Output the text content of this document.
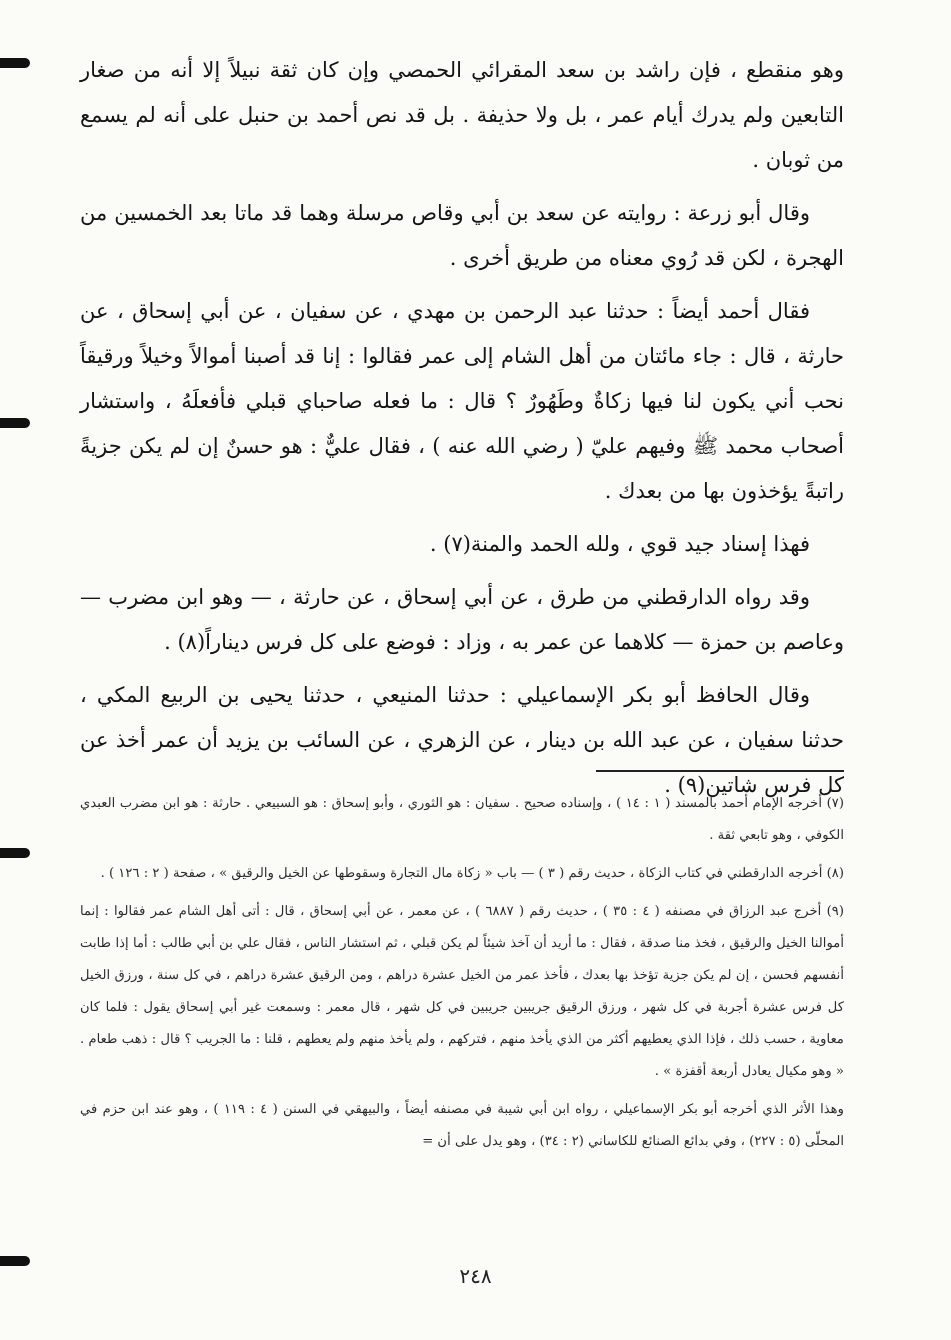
وهو منقطع ، فإن راشد بن سعد المقرائي الحمصي وإن كان ثقة نبيلاً إلا أنه من صغار التابعين ولم يدرك أيام عمر ، بل ولا حذيفة . بل قد نص أحمد بن حنبل على أنه لم يسمع من ثوبان .

وقال أبو زرعة : روايته عن سعد بن أبي وقاص مرسلة وهما قد ماتا بعد الخمسين من الهجرة ، لكن قد رُوي معناه من طريق أخرى .

فقال أحمد أيضاً : حدثنا عبد الرحمن بن مهدي ، عن سفيان ، عن أبي إسحاق ، عن حارثة ، قال : جاء مائتان من أهل الشام إلى عمر فقالوا : إنا قد أصبنا أموالاً وخيلاً ورقيقاً نحب أني يكون لنا فيها زكاةٌ وطَهُورٌ ؟ قال : ما فعله صاحباي قبلي فأفعلَهُ ، واستشار أصحاب محمد ﷺ وفيهم عليّ ( رضي الله عنه ) ، فقال عليٌّ : هو حسنٌ إن لم يكن جزيةً راتبةً يؤخذون بها من بعدك .

فهذا إسناد جيد قوي ، ولله الحمد والمنة(٧) .

وقد رواه الدارقطني من طرق ، عن أبي إسحاق ، عن حارثة ، — وهو ابن مضرب — وعاصم بن حمزة — كلاهما عن عمر به ، وزاد : فوضع على كل فرس ديناراً(٨) .

وقال الحافظ أبو بكر الإسماعيلي : حدثنا المنيعي ، حدثنا يحيى بن الربيع المكي ، حدثنا سفيان ، عن عبد الله بن دينار ، عن الزهري ، عن السائب بن يزيد أن عمر أخذ عن كل فرس شاتين(٩) .

(٧) أخرجه الإمام أحمد بالمسند ( ١ : ١٤ ) ، وإسناده صحيح . سفيان : هو الثوري ، وأبو إسحاق : هو السبيعي . حارثة : هو ابن مضرب العبدي الكوفي ، وهو تابعي ثقة .

(٨) أخرجه الدارقطني في كتاب الزكاة ، حديث رقم ( ٣ ) — باب « زكاة مال التجارة وسقوطها عن الخيل والرقيق » ، صفحة ( ٢ : ١٢٦ ) .

(٩) أخرج عبد الرزاق في مصنفه ( ٤ : ٣٥ ) ، حديث رقم ( ٦٨٨٧ ) ، عن معمر ، عن أبي إسحاق ، قال : أتى أهل الشام عمر فقالوا : إنما أموالنا الخيل والرقيق ، فخذ منا صدقة ، فقال : ما أريد أن آخذ شيئاً لم يكن قبلي ، ثم استشار الناس ، فقال علي بن أبي طالب : أما إذا طابت أنفسهم فحسن ، إن لم يكن جزية تؤخذ بها بعدك ، فأخذ عمر من الخيل عشرة دراهم ، ومن الرقيق عشرة دراهم ، في كل سنة ، ورزق الخيل كل فرس عشرة أجربة في كل شهر ، ورزق الرقيق جريبين جريبين في كل شهر ، قال معمر : وسمعت غير أبي إسحاق يقول : فلما كان معاوية ، حسب ذلك ، فإذا الذي يعطيهم أكثر من الذي يأخذ منهم ، فتركهم ، ولم يأخذ منهم ولم يعطهم ، قلنا : ما الجريب ؟ قال : ذهب طعام . « وهو مكيال يعادل أربعة أقفزة » .

وهذا الأثر الذي أخرجه أبو بكر الإسماعيلي ، رواه ابن أبي شيبة في مصنفه أيضاً ، والبيهقي في السنن ( ٤ : ١١٩ ) ، وهو عند ابن حزم في المحلّى (٥ : ٢٢٧) ، وفي بدائع الصنائع للكاساني (٢ : ٣٤) ، وهو يدل على أن =

٢٤٨
